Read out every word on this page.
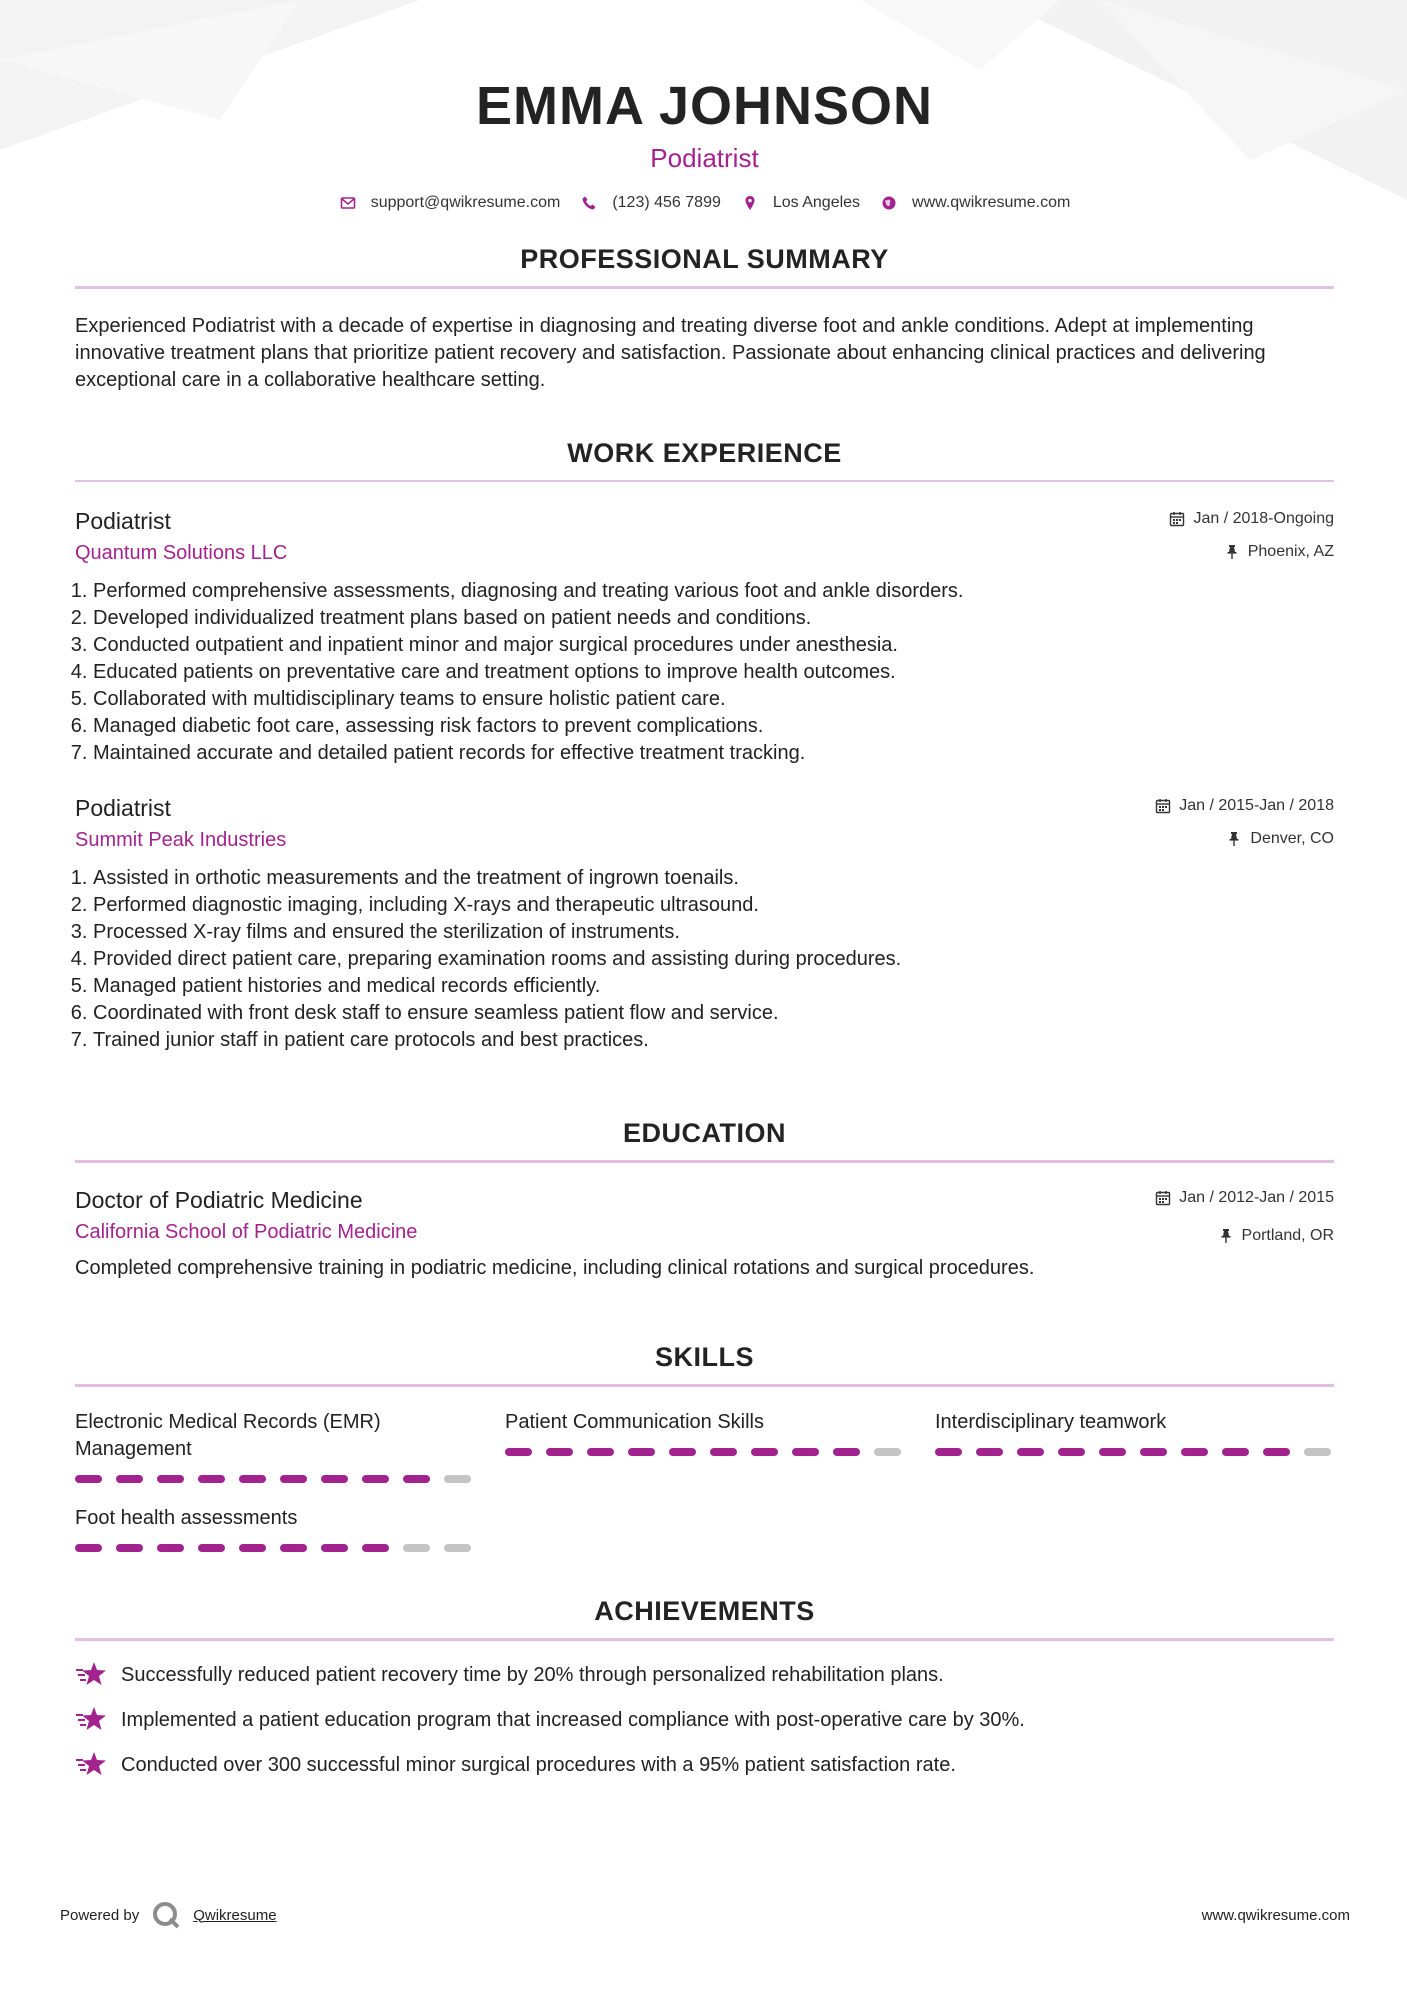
EMMA JOHNSON
Podiatrist
support@qwikresume.com	(123) 456 7899	Los Angeles	www.qwikresume.com
PROFESSIONAL SUMMARY
Experienced Podiatrist with a decade of expertise in diagnosing and treating diverse foot and ankle conditions. Adept at implementing innovative treatment plans that prioritize patient recovery and satisfaction. Passionate about enhancing clinical practices and delivering exceptional care in a collaborative healthcare setting.
WORK EXPERIENCE
Podiatrist
Quantum Solutions LLC
Jan / 2018-Ongoing
Phoenix, AZ
1. Performed comprehensive assessments, diagnosing and treating various foot and ankle disorders.
2. Developed individualized treatment plans based on patient needs and conditions.
3. Conducted outpatient and inpatient minor and major surgical procedures under anesthesia.
4. Educated patients on preventative care and treatment options to improve health outcomes.
5. Collaborated with multidisciplinary teams to ensure holistic patient care.
6. Managed diabetic foot care, assessing risk factors to prevent complications.
7. Maintained accurate and detailed patient records for effective treatment tracking.
Podiatrist
Summit Peak Industries
Jan / 2015-Jan / 2018
Denver, CO
1. Assisted in orthotic measurements and the treatment of ingrown toenails.
2. Performed diagnostic imaging, including X-rays and therapeutic ultrasound.
3. Processed X-ray films and ensured the sterilization of instruments.
4. Provided direct patient care, preparing examination rooms and assisting during procedures.
5. Managed patient histories and medical records efficiently.
6. Coordinated with front desk staff to ensure seamless patient flow and service.
7. Trained junior staff in patient care protocols and best practices.
EDUCATION
Doctor of Podiatric Medicine
California School of Podiatric Medicine
Jan / 2012-Jan / 2015
Portland, OR
Completed comprehensive training in podiatric medicine, including clinical rotations and surgical procedures.
SKILLS
Electronic Medical Records (EMR) Management
Patient Communication Skills	Interdisciplinary teamwork
Foot health assessments
ACHIEVEMENTS
Successfully reduced patient recovery time by 20% through personalized rehabilitation plans.
Implemented a patient education program that increased compliance with post-operative care by 30%.
Conducted over 300 successful minor surgical procedures with a 95% patient satisfaction rate.
Powered by	Qwikresume	www.qwikresume.com
